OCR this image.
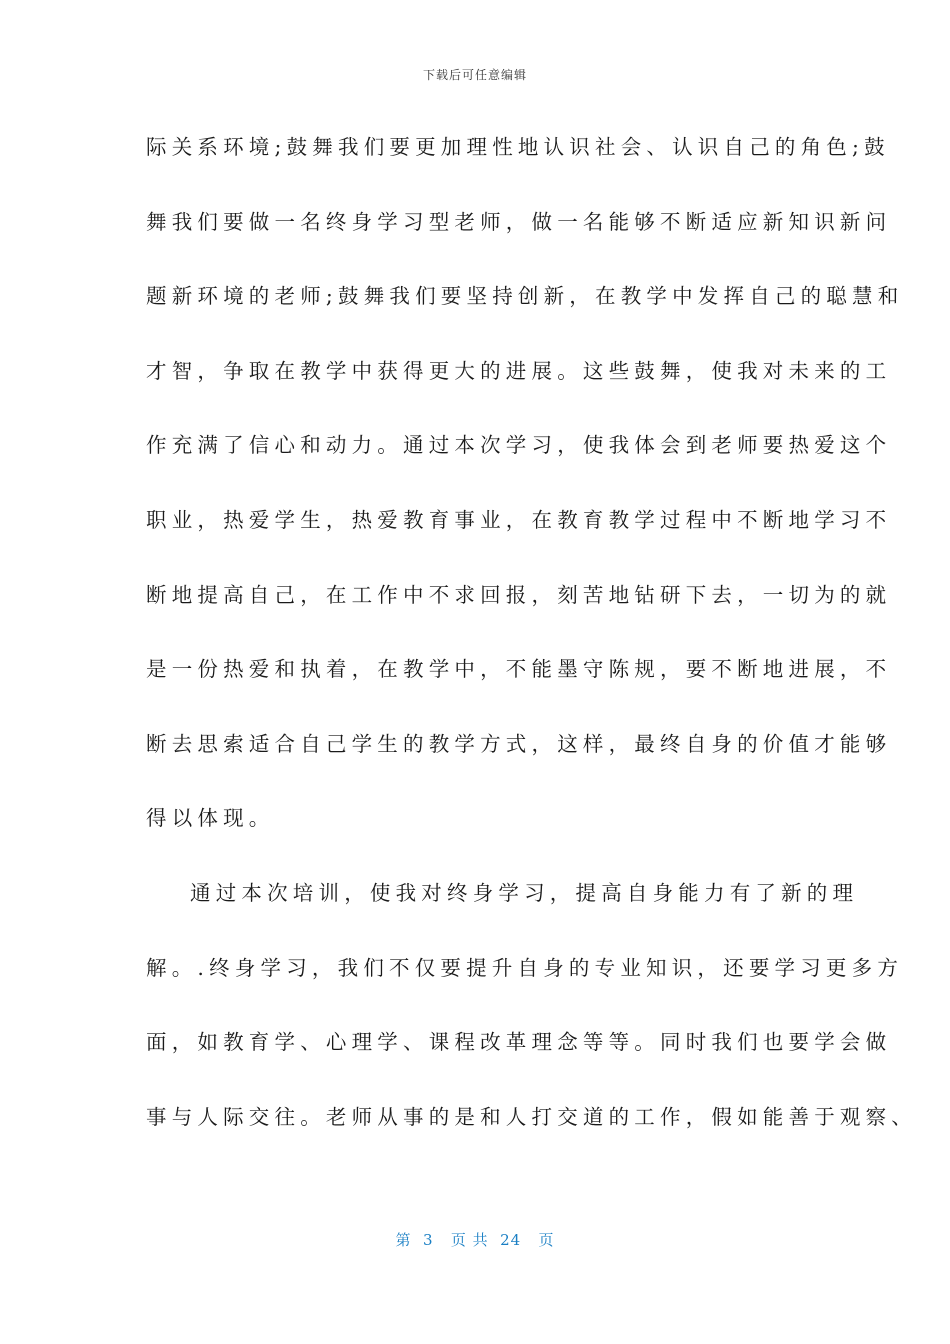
下载后可任意编辑
际关系环境;鼓舞我们要更加理性地认识社会、认识自己的角色;鼓
舞我们要做一名终身学习型老师，做一名能够不断适应新知识新问
题新环境的老师;鼓舞我们要坚持创新，在教学中发挥自己的聪慧和
才智，争取在教学中获得更大的进展。这些鼓舞，使我对未来的工
作充满了信心和动力。通过本次学习，使我体会到老师要热爱这个
职业，热爱学生，热爱教育事业，在教育教学过程中不断地学习不
断地提高自己，在工作中不求回报，刻苦地钻研下去，一切为的就
是一份热爱和执着，在教学中，不能墨守陈规，要不断地进展，不
断去思索适合自己学生的教学方式，这样，最终自身的价值才能够
得以体现。
通过本次培训，使我对终身学习，提高自身能力有了新的理
解。.终身学习，我们不仅要提升自身的专业知识，还要学习更多方
面，如教育学、心理学、课程改革理念等等。同时我们也要学会做
事与人际交往。老师从事的是和人打交道的工作，假如能善于观察、
第  3   页 共  24   页
